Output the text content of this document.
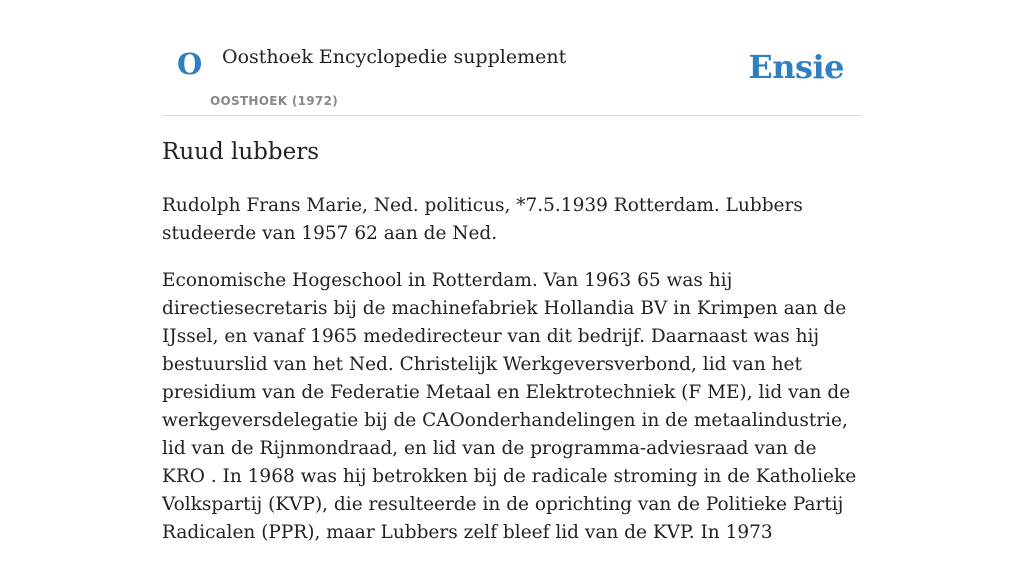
O Oosthoek Encyclopedie supplement
OOSTHOEK (1972)
Ensie
Ruud lubbers

Rudolph Frans Marie, Ned. politicus, *7.5.1939 Rotterdam. Lubbers studeerde van 1957 62 aan de Ned.

Economische Hogeschool in Rotterdam. Van 1963 65 was hij directiesecretaris bij de machinefabriek Hollandia BV in Krimpen aan de IJssel, en vanaf 1965 mededirecteur van dit bedrijf. Daarnaast was hij bestuurslid van het Ned. Christelijk Werkgeversverbond, lid van het presidium van de Federatie Metaal en Elektrotechniek (F ME), lid van de werkgeversdelegatie bij de CAOonderhandelingen in de metaalindustrie, lid van de Rijnmondraad, en lid van de programma-adviesraad van de KRO . In 1968 was hij betrokken bij de radicale stroming in de Katholieke Volkspartij (KVP), die resulteerde in de oprichting van de Politieke Partij Radicalen (PPR), maar Lubbers zelf bleef lid van de KVP. In 1973
